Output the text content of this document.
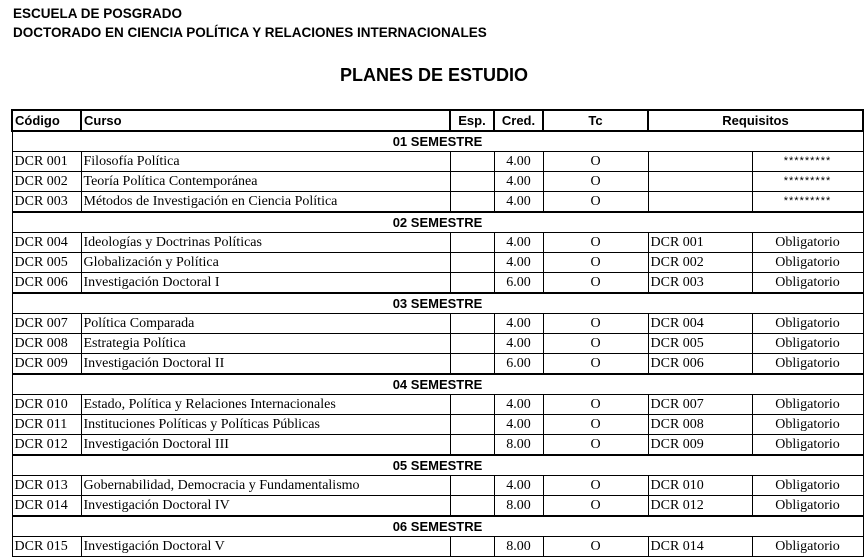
ESCUELA DE POSGRADO
DOCTORADO EN CIENCIA POLÍTICA Y RELACIONES INTERNACIONALES
PLANES DE ESTUDIO
Código	Curso	Esp.	Cred.	Tc	Requisitos	
01 SEMESTRE						
DCR 001	Filosofía Política		4.00	O		*********
DCR 002	Teoría Política Contemporánea		4.00	O		*********
DCR 003	Métodos de Investigación en Ciencia Política		4.00	O		*********
02 SEMESTRE						
DCR 004	Ideologías y Doctrinas Políticas		4.00	O	DCR 001	Obligatorio
DCR 005	Globalización y Política		4.00	O	DCR 002	Obligatorio
DCR 006	Investigación Doctoral I		6.00	O	DCR 003	Obligatorio
03 SEMESTRE						
DCR 007	Política Comparada		4.00	O	DCR 004	Obligatorio
DCR 008	Estrategia Política		4.00	O	DCR 005	Obligatorio
DCR 009	Investigación Doctoral II		6.00	O	DCR 006	Obligatorio
04 SEMESTRE						
DCR 010	Estado, Política y Relaciones Internacionales		4.00	O	DCR 007	Obligatorio
DCR 011	Instituciones Políticas y Políticas Públicas		4.00	O	DCR 008	Obligatorio
DCR 012	Investigación Doctoral III		8.00	O	DCR 009	Obligatorio
05 SEMESTRE						
DCR 013	Gobernabilidad, Democracia y Fundamentalismo		4.00	O	DCR 010	Obligatorio
DCR 014	Investigación Doctoral IV		8.00	O	DCR 012	Obligatorio
06 SEMESTRE						
DCR 015	Investigación Doctoral V		8.00	O	DCR 014	Obligatorio
